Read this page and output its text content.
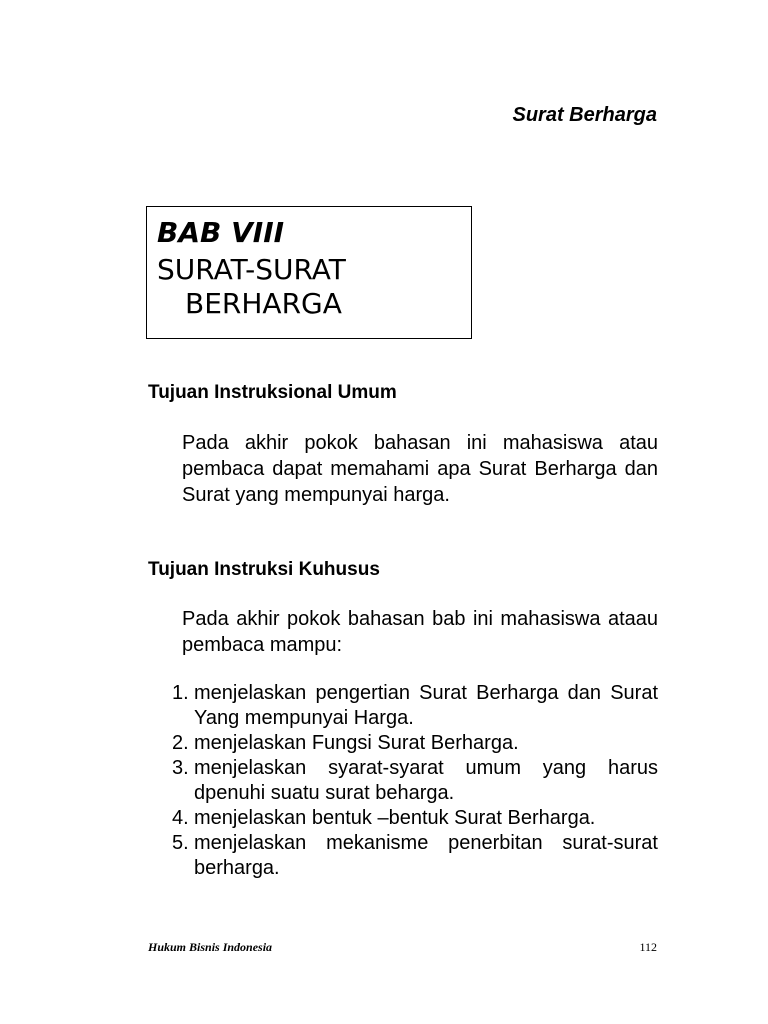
Surat Berharga
BAB VIII
SURAT-SURAT
BERHARGA
Tujuan Instruksional Umum
Pada akhir pokok bahasan ini mahasiswa atau pembaca dapat memahami apa Surat Berharga dan Surat yang mempunyai harga.
Tujuan Instruksi Kuhusus
Pada akhir pokok bahasan bab ini mahasiswa ataau pembaca mampu:
1. menjelaskan pengertian Surat Berharga dan Surat Yang mempunyai Harga.
2. menjelaskan Fungsi Surat Berharga.
3. menjelaskan syarat-syarat umum yang harus dpenuhi suatu surat beharga.
4. menjelaskan bentuk –bentuk Surat Berharga.
5. menjelaskan mekanisme penerbitan surat-surat berharga.
Hukum Bisnis Indonesia	112
